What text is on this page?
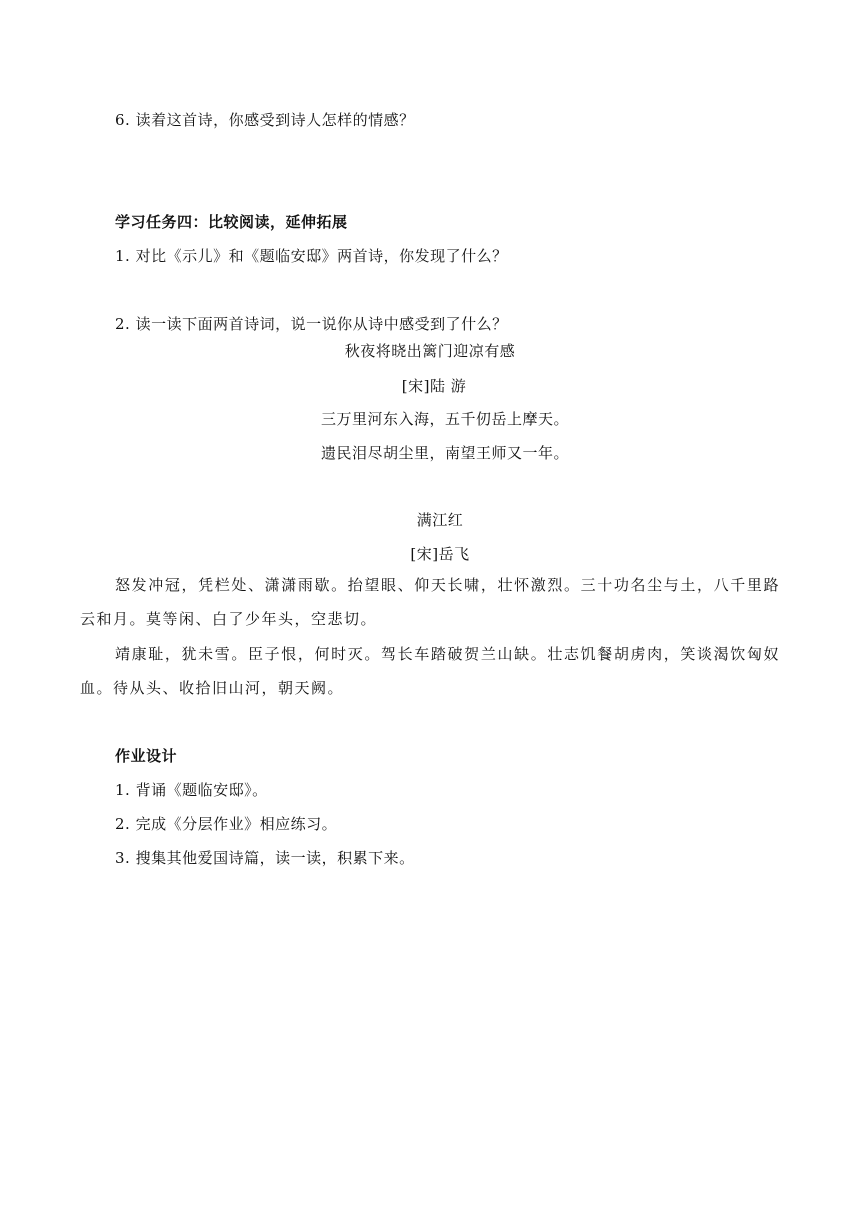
6. 读着这首诗，你感受到诗人怎样的情感？
学习任务四：比较阅读，延伸拓展
1. 对比《示儿》和《题临安邸》两首诗，你发现了什么？
2. 读一读下面两首诗词，说一说你从诗中感受到了什么？
秋夜将晓出篱门迎凉有感
[宋]陆 游
三万里河东入海，五千仞岳上摩天。
遗民泪尽胡尘里，南望王师又一年。
满江红
[宋]岳飞

怒发冲冠，凭栏处、潇潇雨歇。抬望眼、仰天长啸，壮怀激烈。三十功名尘与土，八千里路云和月。莫等闲、白了少年头，空悲切。

靖康耻，犹未雪。臣子恨，何时灭。驾长车踏破贺兰山缺。壮志饥餐胡虏肉，笑谈渴饮匈奴血。待从头、收拾旧山河，朝天阙。

作业设计
1. 背诵《题临安邸》。
2. 完成《分层作业》相应练习。
3. 搜集其他爱国诗篇，读一读，积累下来。
